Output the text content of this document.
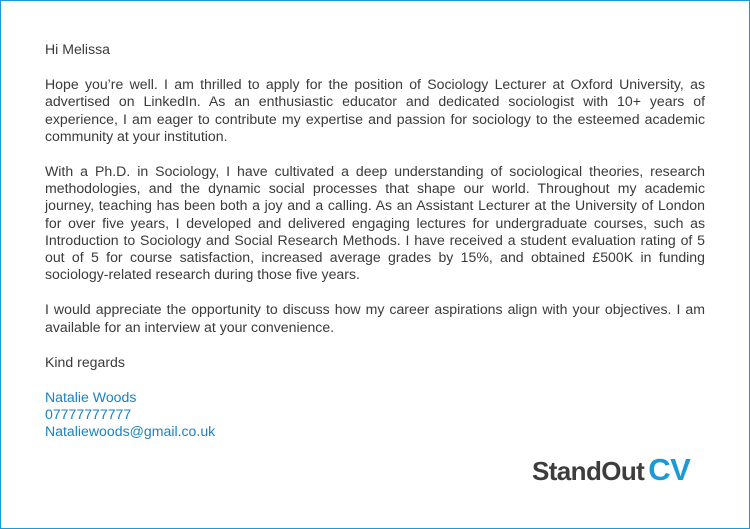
Hi Melissa

Hope you’re well. I am thrilled to apply for the position of Sociology Lecturer at Oxford University, as advertised on LinkedIn. As an enthusiastic educator and dedicated sociologist with 10+ years of experience, I am eager to contribute my expertise and passion for sociology to the esteemed academic community at your institution.

With a Ph.D. in Sociology, I have cultivated a deep understanding of sociological theories, research methodologies, and the dynamic social processes that shape our world. Throughout my academic journey, teaching has been both a joy and a calling. As an Assistant Lecturer at the University of London for over five years, I developed and delivered engaging lectures for undergraduate courses, such as Introduction to Sociology and Social Research Methods. I have received a student evaluation rating of 5 out of 5 for course satisfaction, increased average grades by 15%, and obtained £500K in funding sociology-related research during those five years.

I would appreciate the opportunity to discuss how my career aspirations align with your objectives. I am available for an interview at your convenience.

Kind regards

Natalie Woods
07777777777
Nataliewoods@gmail.co.uk
StandOut CV
